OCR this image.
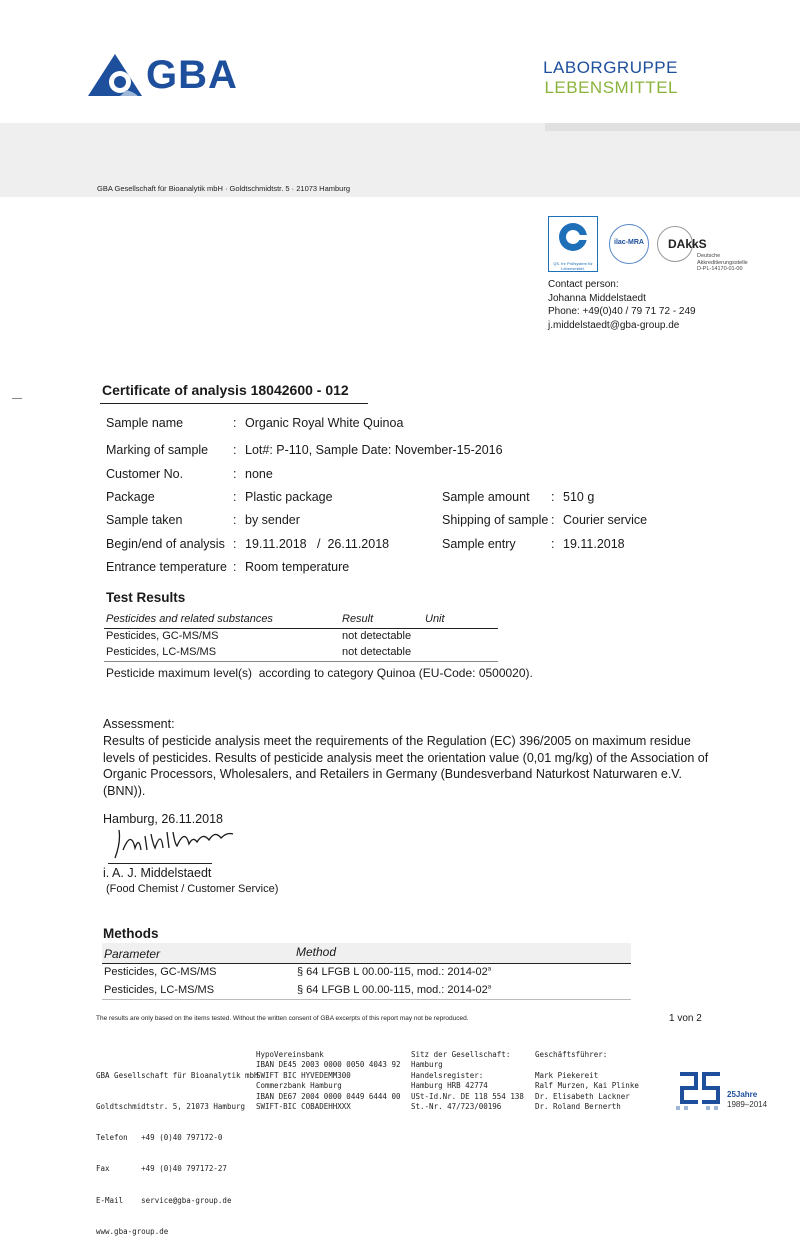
GBA	LABORGRUPPE
LEBENSMITTEL
GBA Gesellschaft für Bioanalytik mbH · Goldtschmidtstr. 5 · 21073 Hamburg
QS. Ihr Prüfsystem für Lebensmittel.
ilac-MRA	DAkkS
Deutsche
Akkreditierungsstelle
D-PL-14170-01-00
Contact person:
Johanna Middelstaedt
Phone: +49(0)40 / 79 71 72 - 249
j.middelstaedt@gba-group.de
Certificate of analysis 18042600 - 012
Sample name	: Organic Royal White Quinoa
Marking of sample : Lot#: P-110, Sample Date: November-15-2016
Customer No.	: none
Package	: Plastic package	Sample amount : 510 g
Sample taken	: by sender	Shipping of sample : Courier service
Begin/end of analysis : 19.11.2018   /  26.11.2018	Sample entry	: 19.11.2018
Entrance temperature : Room temperature
Test Results
Pesticides and related substances	Result	Unit
Pesticides, GC-MS/MS	not detectable
Pesticides, LC-MS/MS	not detectable
Pesticide maximum level(s)  according to category Quinoa (EU-Code: 0500020).
Assessment:
Results of pesticide analysis meet the requirements of the Regulation (EC) 396/2005 on maximum residue levels of pesticides. Results of pesticide analysis meet the orientation value (0,01 mg/kg) of the Association of Organic Processors, Wholesalers, and Retailers in Germany (Bundesverband Naturkost Naturwaren e.V. (BNN)).
Hamburg, 26.11.2018
i. A. J. Middelstaedt
(Food Chemist / Customer Service)
Methods
Parameter	Method
Pesticides, GC-MS/MS	§ 64 LFGB L 00.00-115, mod.: 2014-02$^a$
Pesticides, LC-MS/MS	§ 64 LFGB L 00.00-115, mod.: 2014-02$^a$
The results are only based on the items tested. Without the written consent of GBA excerpts of this report may not be reproduced.	1 von 2

GBA Gesellschaft für Bioanalytik mbH

Goldtschmidtstr. 5, 21073 Hamburg

Telefon   +49 (0)40 797172-0

Fax       +49 (0)40 797172-27

E-Mail    service@gba-group.de

www.gba-group.de

HypoVereinsbank
IBAN DE45 2003 0000 0050 4043 92
SWIFT BIC HYVEDEMM300
Commerzbank Hamburg
IBAN DE67 2004 0000 0449 6444 00
SWIFT-BIC COBADEHHXXX
Sitz der Gesellschaft:
Hamburg
Handelsregister:
Hamburg HRB 42774
USt-Id.Nr. DE 118 554 138
St.-Nr. 47/723/00196
Geschäftsführer:
Mark Piekereit
Ralf Murzen, Kai Plinke
Dr. Elisabeth Lackner
Dr. Roland Bernerth
25Jahre
1989–2014
